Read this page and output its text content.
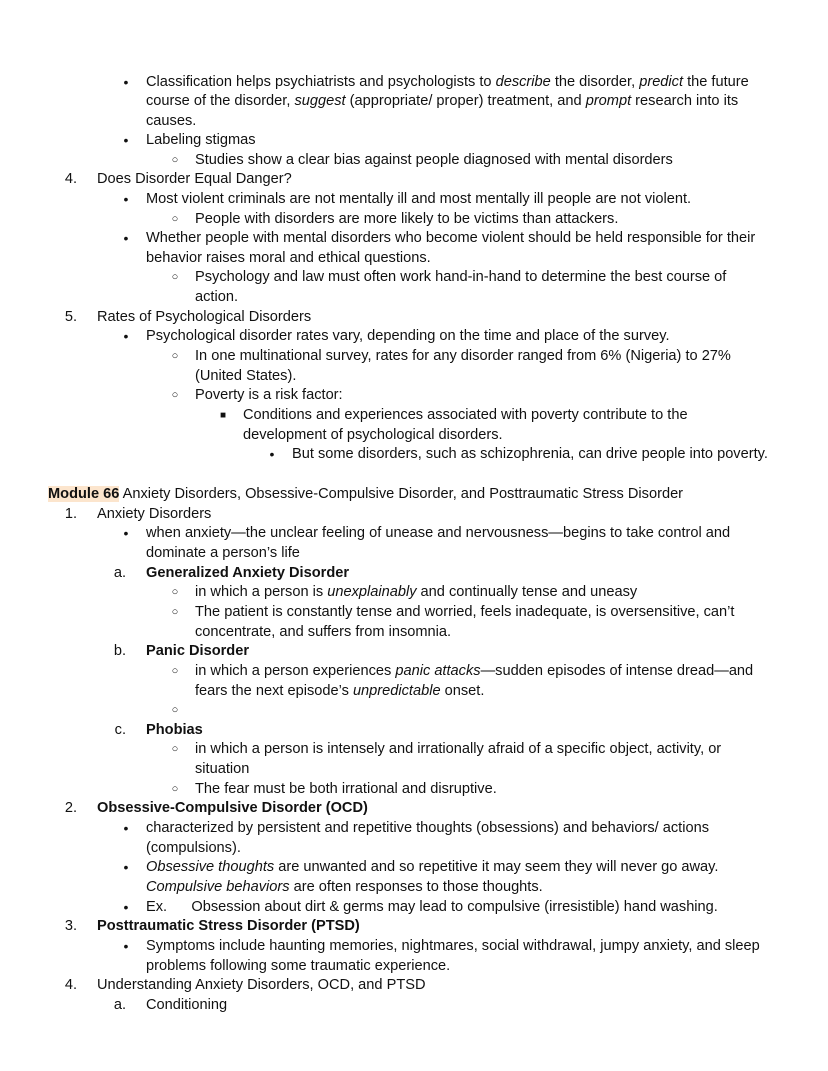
• Classification helps psychiatrists and psychologists to describe the disorder, predict the future
course of the disorder, suggest (appropriate/ proper) treatment, and prompt research into its
causes.
• Labeling stigmas
○ Studies show a clear bias against people diagnosed with mental disorders
4. Does Disorder Equal Danger?
• Most violent criminals are not mentally ill and most mentally ill people are not violent.
○ People with disorders are more likely to be victims than attackers.
• Whether people with mental disorders who become violent should be held responsible for their
behavior raises moral and ethical questions.
○ Psychology and law must often work hand-in-hand to determine the best course of
action.
5. Rates of Psychological Disorders
• Psychological disorder rates vary, depending on the time and place of the survey.
○ In one multinational survey, rates for any disorder ranged from 6% (Nigeria) to 27%
(United States).
○ Poverty is a risk factor:
■ Conditions and experiences associated with poverty contribute to the
development of psychological disorders.
• But some disorders, such as schizophrenia, can drive people into poverty.
Module 66 Anxiety Disorders, Obsessive-Compulsive Disorder, and Posttraumatic Stress Disorder
1. Anxiety Disorders
• when anxiety—the unclear feeling of unease and nervousness—begins to take control and
dominate a person’s life
a. Generalized Anxiety Disorder
○ in which a person is unexplainably and continually tense and uneasy
○ The patient is constantly tense and worried, feels inadequate, is oversensitive, can’t
concentrate, and suffers from insomnia.
b. Panic Disorder
○ in which a person experiences panic attacks—sudden episodes of intense dread—and
fears the next episode’s unpredictable onset.
○
c. Phobias
○ in which a person is intensely and irrationally afraid of a specific object, activity, or
situation
○ The fear must be both irrational and disruptive.
2. Obsessive-Compulsive Disorder (OCD)
• characterized by persistent and repetitive thoughts (obsessions) and behaviors/ actions
(compulsions).
• Obsessive thoughts are unwanted and so repetitive it may seem they will never go away.
Compulsive behaviors are often responses to those thoughts.
• Ex.      Obsession about dirt & germs may lead to compulsive (irresistible) hand washing.
3. Posttraumatic Stress Disorder (PTSD)
• Symptoms include haunting memories, nightmares, social withdrawal, jumpy anxiety, and sleep
problems following some traumatic experience.
4. Understanding Anxiety Disorders, OCD, and PTSD
a. Conditioning
